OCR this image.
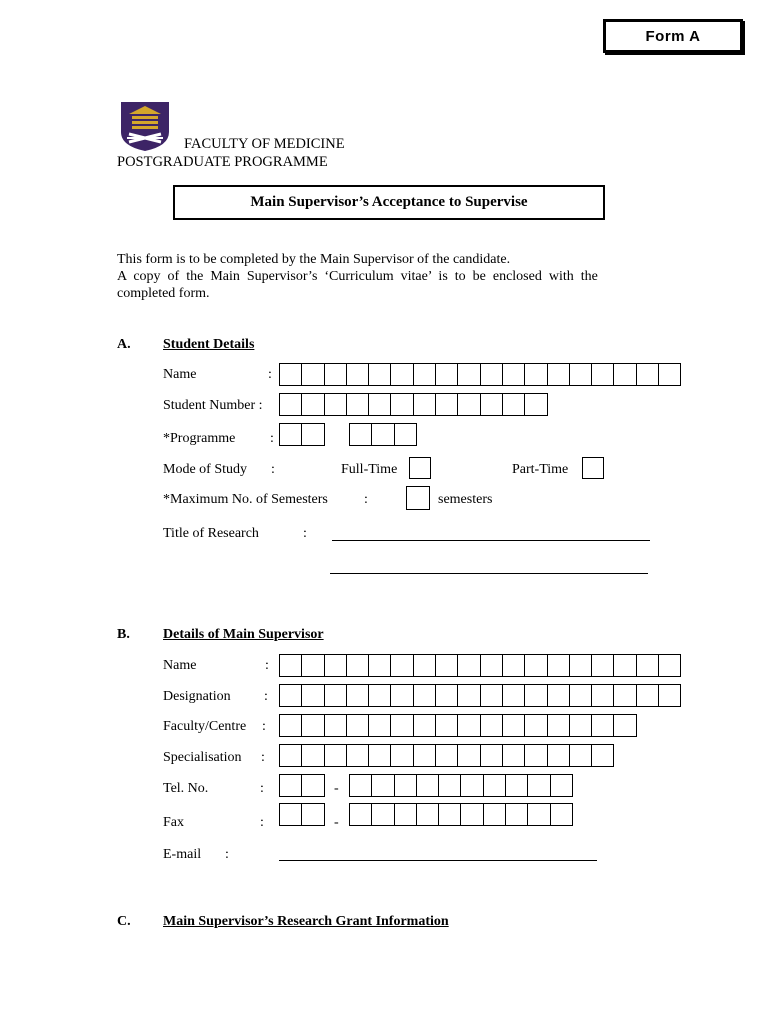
Form A
FACULTY OF MEDICINE
POSTGRADUATE PROGRAMME
Main Supervisor’s Acceptance to Supervise
This form is to be completed by the Main Supervisor of the candidate.
A  copy  of  the  Main  Supervisor’s  ‘Curriculum  vitae’  is  to  be  enclosed  with  the
completed form.
A. Student Details
Name	:
Student Number :
*Programme :
Mode of Study :	Full-Time	Part-Time
*Maximum No. of Semesters	:	semesters
Title of Research	:
B. Details of Main Supervisor
Name	:
Designation :
Faculty/Centre :
Specialisation :
Tel. No.	:	-
Fax	:	-
E-mail :
C. Main Supervisor’s Research Grant Information
